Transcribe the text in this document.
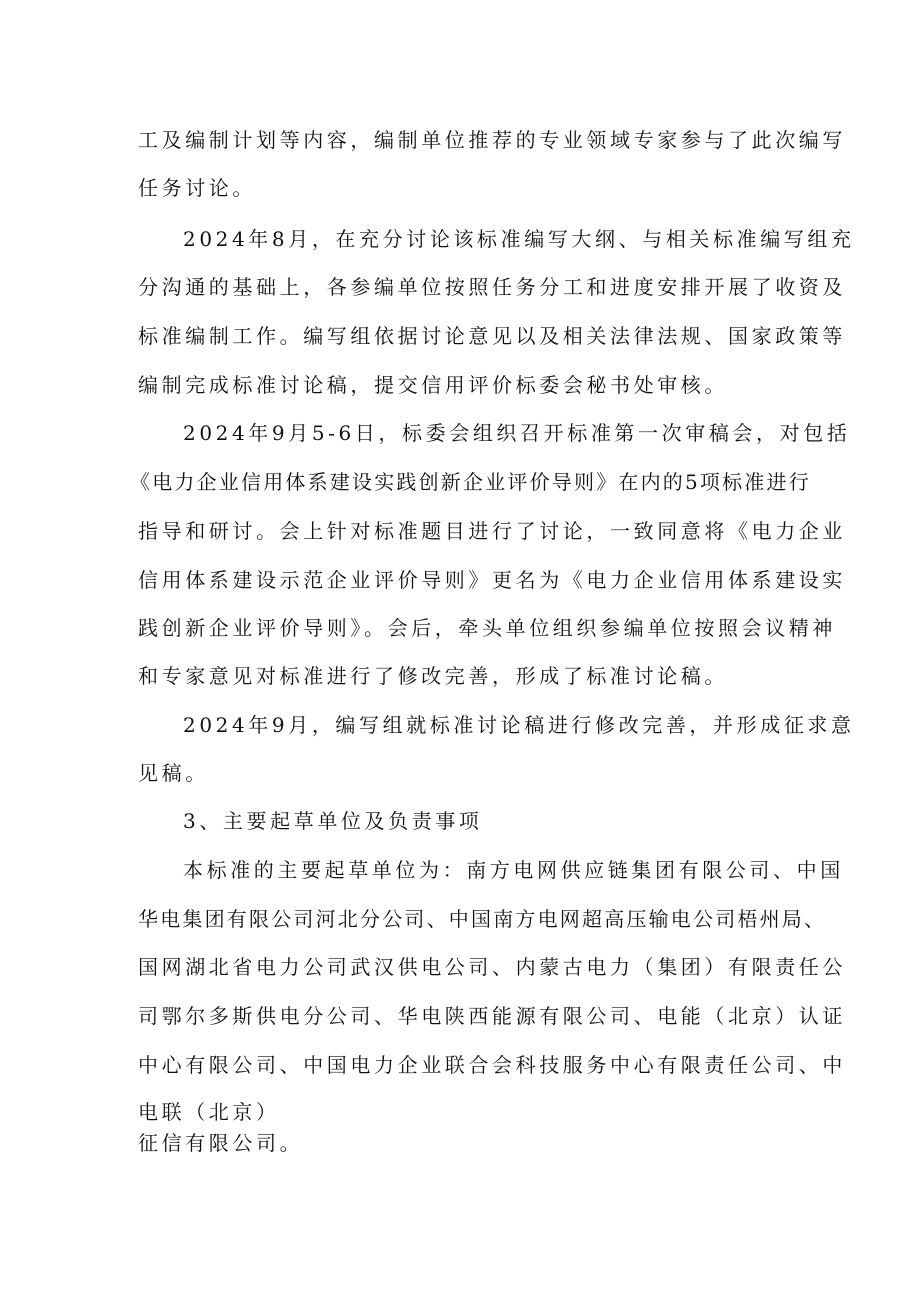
工及编制计划等内容，编制单位推荐的专业领域专家参与了此次编写
任务讨论。
2024年8月，在充分讨论该标准编写大纲、与相关标准编写组充
分沟通的基础上，各参编单位按照任务分工和进度安排开展了收资及
标准编制工作。编写组依据讨论意见以及相关法律法规、国家政策等
编制完成标准讨论稿，提交信用评价标委会秘书处审核。
2024年9月5-6日，标委会组织召开标准第一次审稿会，对包括
《电力企业信用体系建设实践创新企业评价导则》在内的5项标准进行
指导和研讨。会上针对标准题目进行了讨论，一致同意将《电力企业
信用体系建设示范企业评价导则》更名为《电力企业信用体系建设实
践创新企业评价导则》。会后，牵头单位组织参编单位按照会议精神
和专家意见对标准进行了修改完善，形成了标准讨论稿。
2024年9月，编写组就标准讨论稿进行修改完善，并形成征求意
见稿。
3、主要起草单位及负责事项
本标准的主要起草单位为：南方电网供应链集团有限公司、中国
华电集团有限公司河北分公司、中国南方电网超高压输电公司梧州局、
国网湖北省电力公司武汉供电公司、内蒙古电力（集团）有限责任公
司鄂尔多斯供电分公司、华电陕西能源有限公司、电能（北京）认证
中心有限公司、中国电力企业联合会科技服务中心有限责任公司、中
电联（北京）
征信有限公司。
